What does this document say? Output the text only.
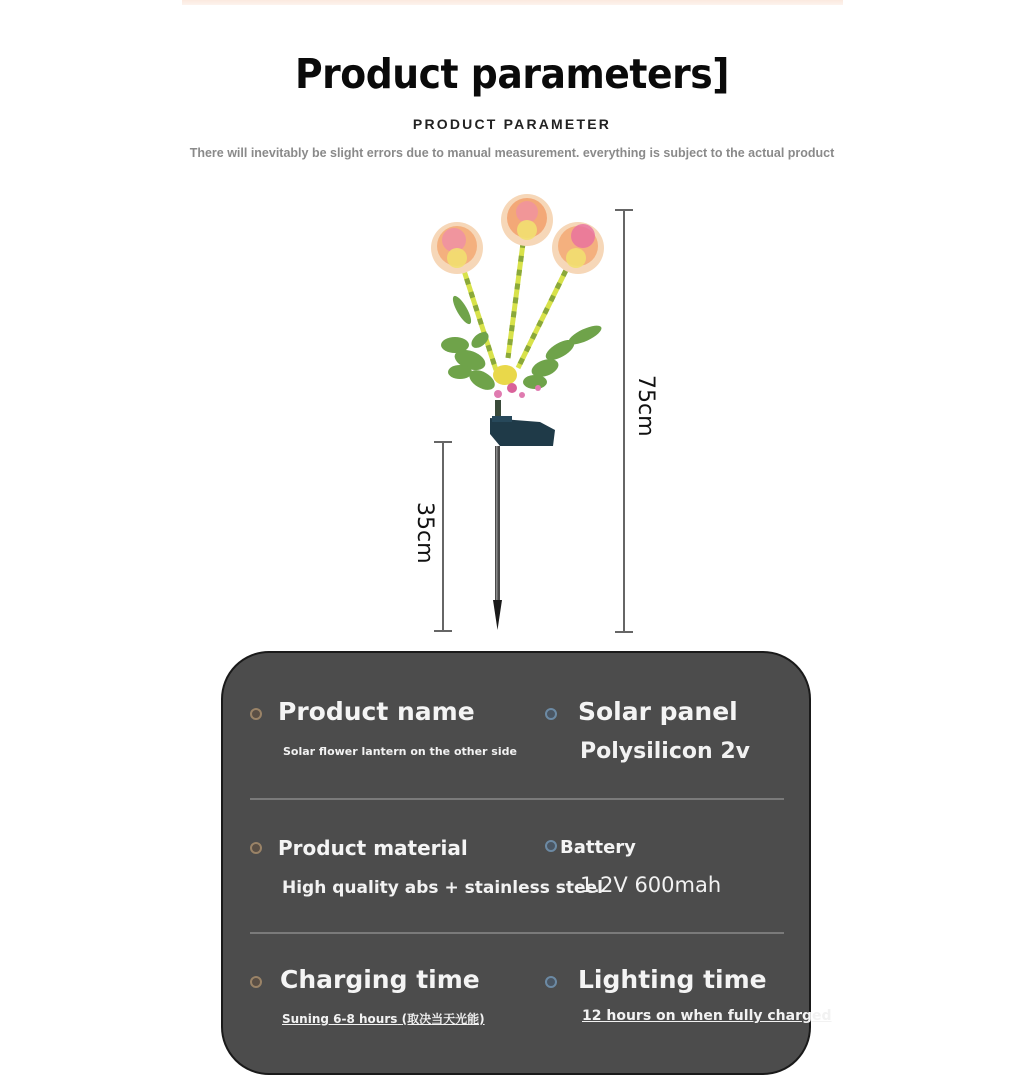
Product parameters]
PRODUCT PARAMETER
There will inevitably be slight errors due to manual measurement. everything is subject to the actual product
75cm
35cm
Product name
Solar flower lantern on the other side
Solar panel
Polysilicon 2v
Product material
High quality abs + stainless steel
Battery
1.2V 600mah
Charging time
Suning 6-8 hours (取决当天光能)
Lighting time
12 hours on when fully charged
